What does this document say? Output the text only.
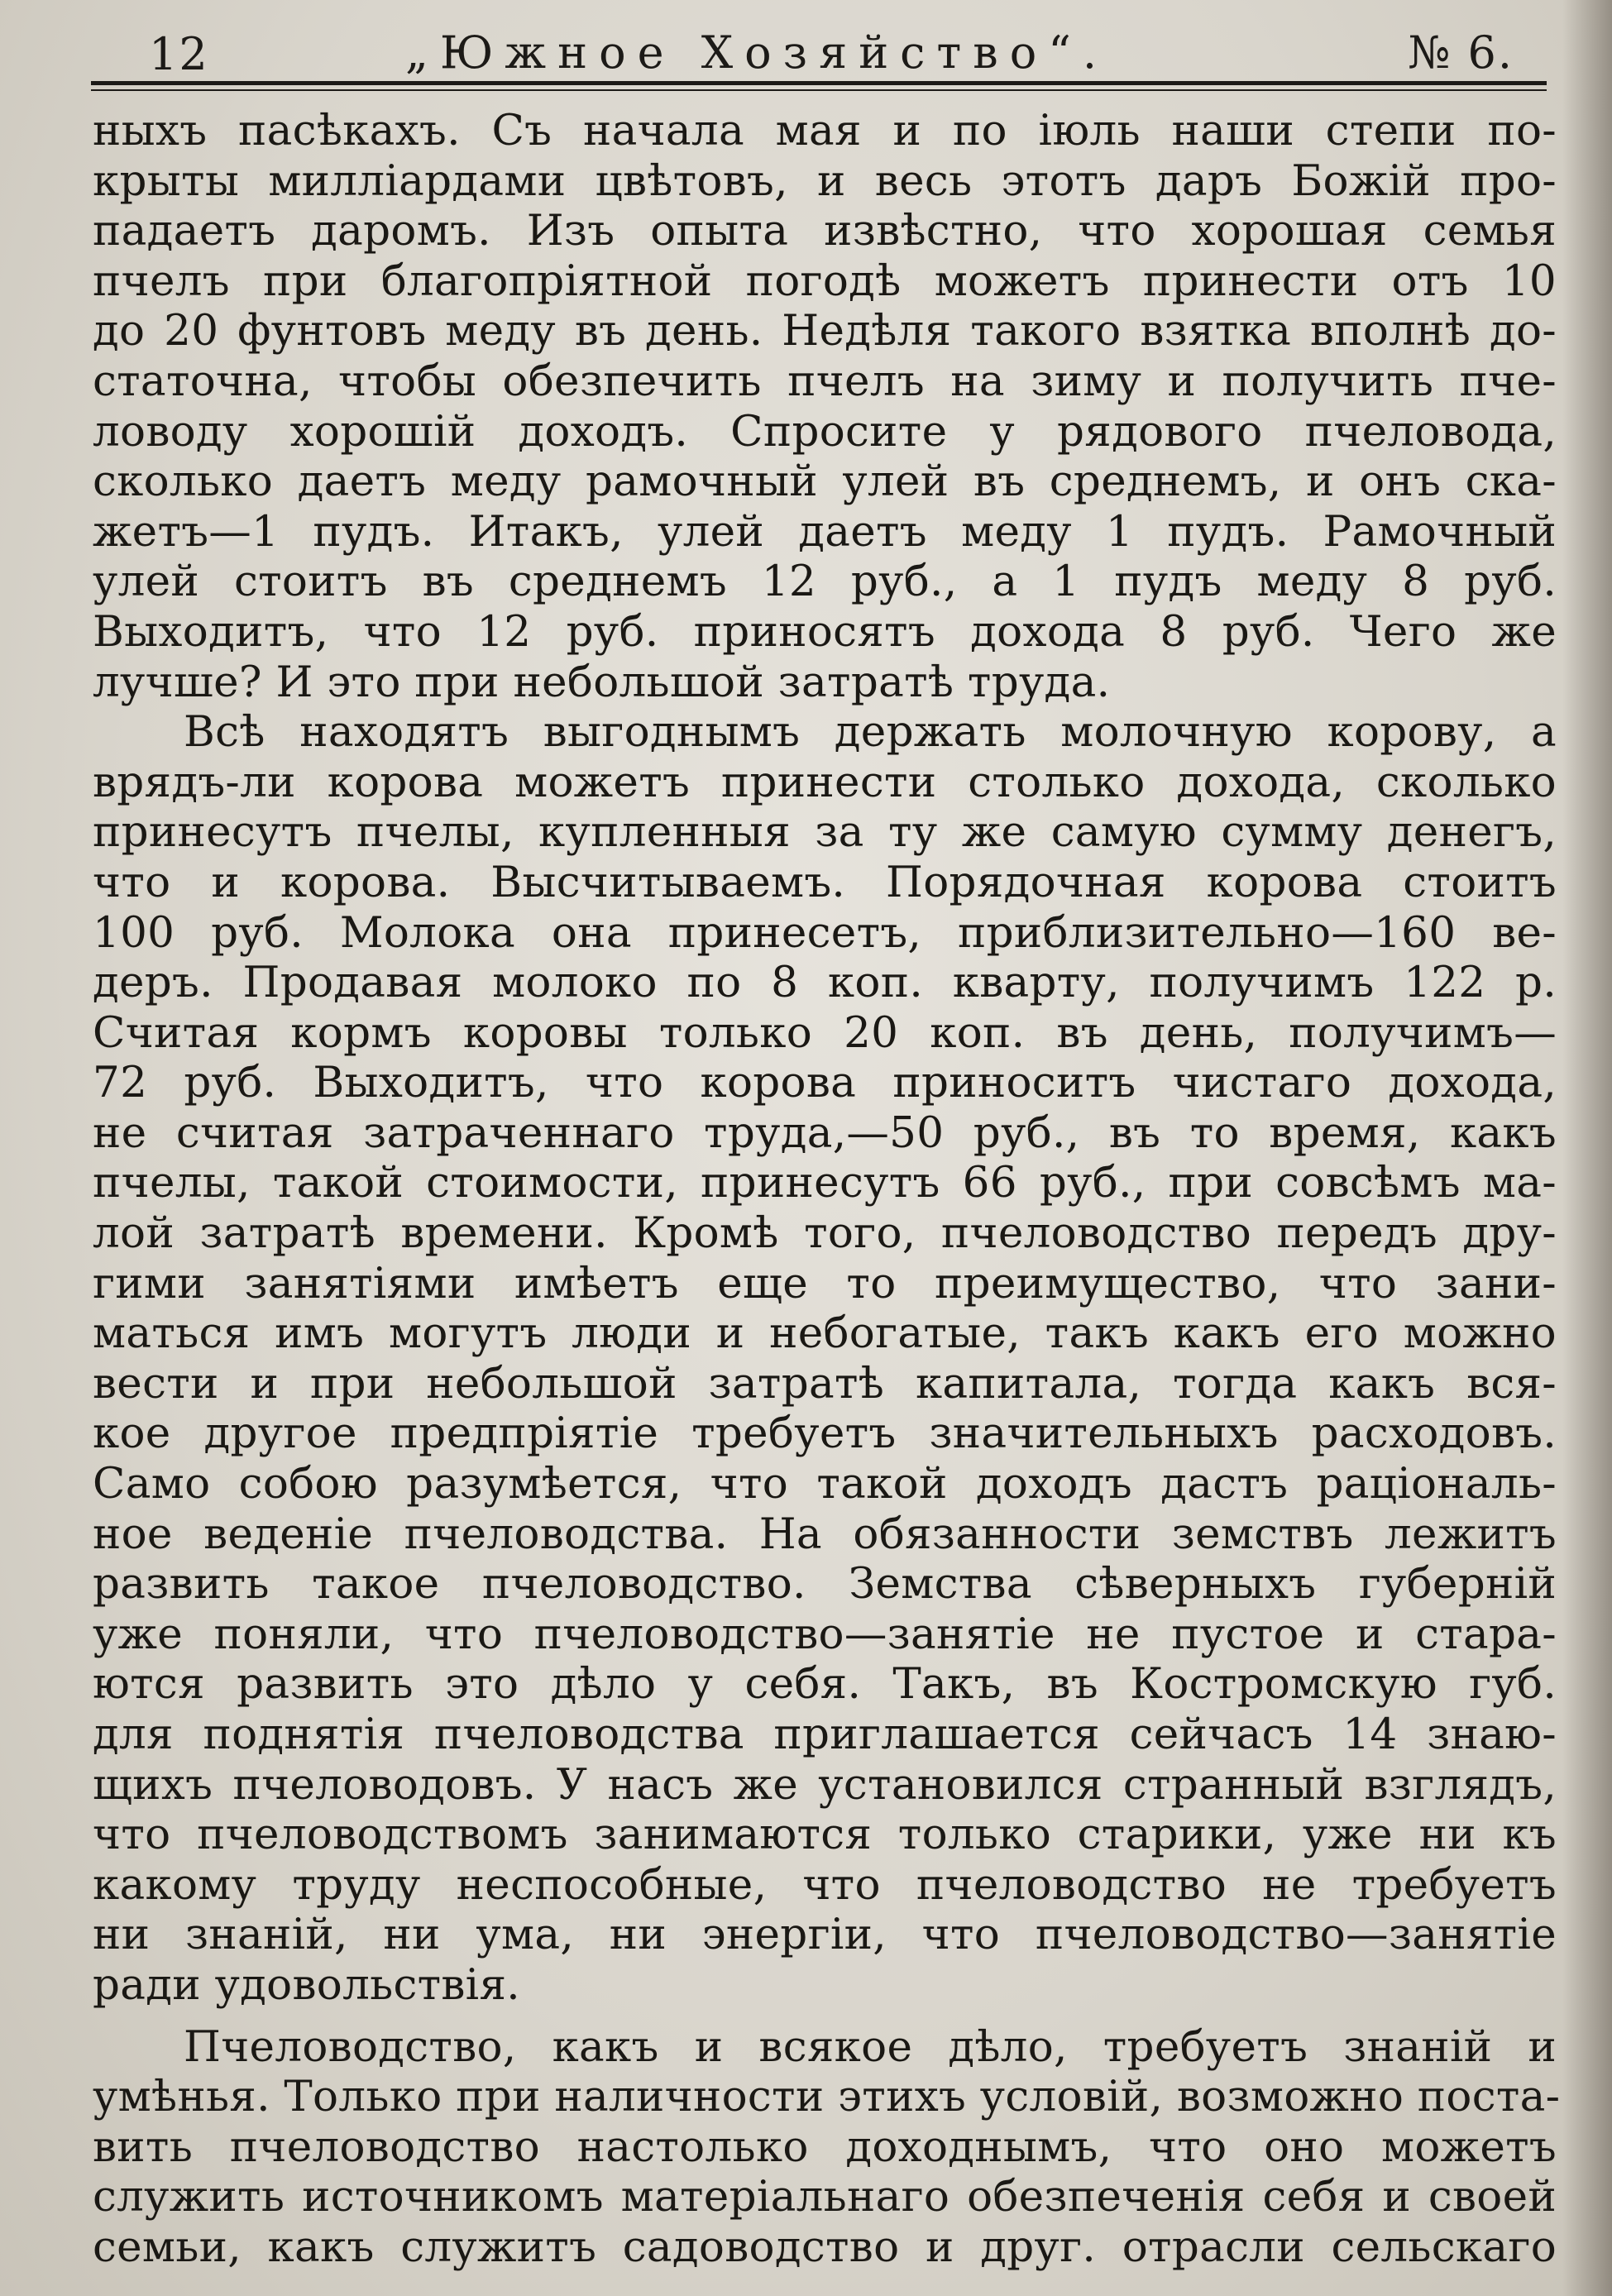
12	„Южное Хозяйство“.	№ 6.
ныхъ пасѣкахъ. Съ начала мая и по іюль наши степи по-
крыты милліардами цвѣтовъ, и весь этотъ даръ Божій про-
падаетъ даромъ. Изъ опыта извѣстно, что хорошая семья
пчелъ при благопріятной погодѣ можетъ принести отъ 10
до 20 фунтовъ меду въ день. Недѣля такого взятка вполнѣ до-
статочна, чтобы обезпечить пчелъ на зиму и получить пче-
ловоду хорошій доходъ. Спросите у рядового пчеловода,
сколько даетъ меду рамочный улей въ среднемъ, и онъ ска-
жетъ—1 пудъ. Итакъ, улей даетъ меду 1 пудъ. Рамочный
улей стоитъ въ среднемъ 12 руб., а 1 пудъ меду 8 руб.
Выходитъ, что 12 руб. приносятъ дохода 8 руб. Чего же
лучше? И это при небольшой затратѣ труда.
Всѣ находятъ выгоднымъ держать молочную корову, а
врядъ-ли корова можетъ принести столько дохода, сколько
принесутъ пчелы, купленныя за ту же самую сумму денегъ,
что и корова. Высчитываемъ. Порядочная корова стоитъ
100 руб. Молока она принесетъ, приблизительно—160 ве-
деръ. Продавая молоко по 8 коп. кварту, получимъ 122 р.
Считая кормъ коровы только 20 коп. въ день, получимъ—
72 руб. Выходитъ, что корова приноситъ чистаго дохода,
не считая затраченнаго труда,—50 руб., въ то время, какъ
пчелы, такой стоимости, принесутъ 66 руб., при совсѣмъ ма-
лой затратѣ времени. Кромѣ того, пчеловодство передъ дру-
гими занятіями имѣетъ еще то преимущество, что зани-
маться имъ могутъ люди и небогатые, такъ какъ его можно
вести и при небольшой затратѣ капитала, тогда какъ вся-
кое другое предпріятіе требуетъ значительныхъ расходовъ.
Само собою разумѣется, что такой доходъ дастъ раціональ-
ное веденіе пчеловодства. На обязанности земствъ лежитъ
развить такое пчеловодство. Земства сѣверныхъ губерній
уже поняли, что пчеловодство—занятіе не пустое и стара-
ются развить это дѣло у себя. Такъ, въ Костромскую губ.
для поднятія пчеловодства приглашается сейчасъ 14 знаю-
щихъ пчеловодовъ. У насъ же установился странный взглядъ,
что пчеловодствомъ занимаются только старики, уже ни къ
какому труду неспособные, что пчеловодство не требуетъ
ни знаній, ни ума, ни энергіи, что пчеловодство—занятіе
ради удовольствія.
Пчеловодство, какъ и всякое дѣло, требуетъ знаній и
умѣнья. Только при наличности этихъ условій, возможно поста-
вить пчеловодство настолько доходнымъ, что оно можетъ
служить источникомъ матеріальнаго обезпеченія себя и своей
семьи, какъ служитъ садоводство и друг. отрасли сельскаго
